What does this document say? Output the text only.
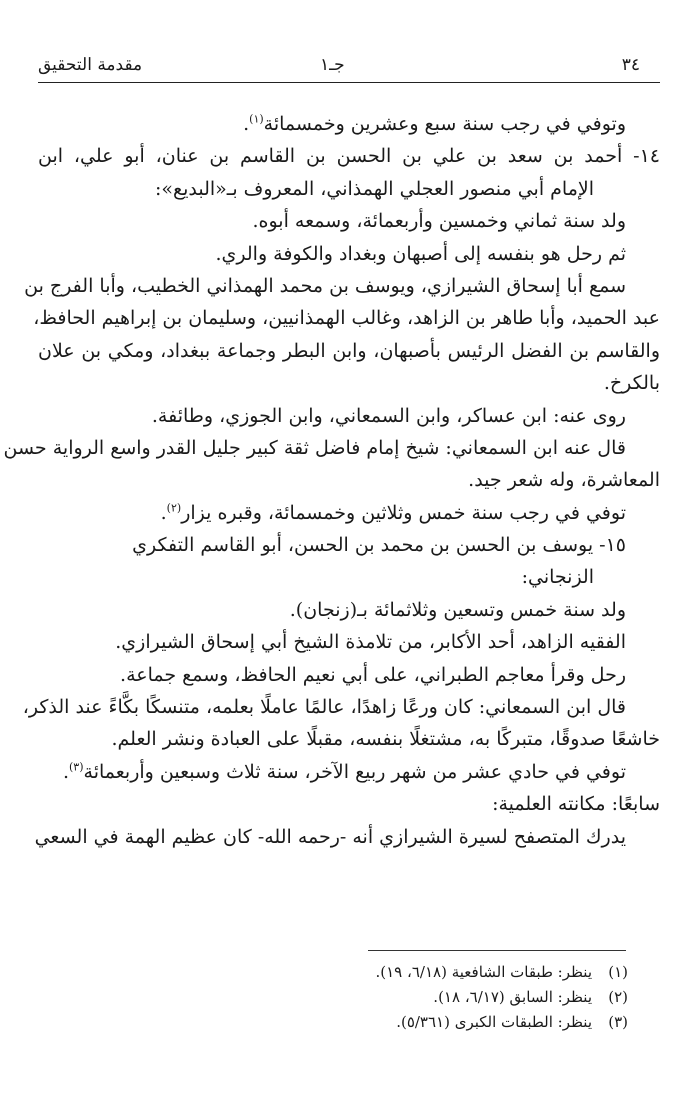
٣٤
جـ١
مقدمة التحقيق
وتوفي في رجب سنة سبع وعشرين وخمسمائة$^{(١)}$.
١٤- أحمد بن سعد بن علي بن الحسن بن القاسم بن عنان، أبو علي، ابن
الإمام أبي منصور العجلي الهمذاني، المعروف بـ«البديع»:
ولد سنة ثماني وخمسين وأربعمائة، وسمعه أبوه.
ثم رحل هو بنفسه إلى أصبهان وبغداد والكوفة والري.
سمع أبا إسحاق الشيرازي، ويوسف بن محمد الهمذاني الخطيب، وأبا الفرج بن
عبد الحميد، وأبا طاهر بن الزاهد، وغالب الهمذانيين، وسليمان بن إبراهيم الحافظ،
والقاسم بن الفضل الرئيس بأصبهان، وابن البطر وجماعة ببغداد، ومكي بن علان
بالكرخ.
روى عنه: ابن عساكر، وابن السمعاني، وابن الجوزي، وطائفة.
قال عنه ابن السمعاني: شيخ إمام فاضل ثقة كبير جليل القدر واسع الرواية حسن
المعاشرة، وله شعر جيد.
توفي في رجب سنة خمس وثلاثين وخمسمائة، وقبره يزار$^{(٢)}$.
١٥- يوسف بن الحسن بن محمد بن الحسن، أبو القاسم التفكري
الزنجاني:
ولد سنة خمس وتسعين وثلاثمائة بـ(زنجان).
الفقيه الزاهد، أحد الأكابر، من تلامذة الشيخ أبي إسحاق الشيرازي.
رحل وقرأ معاجم الطبراني، على أبي نعيم الحافظ، وسمع جماعة.
قال ابن السمعاني: كان ورعًا زاهدًا، عالمًا عاملًا بعلمه، متنسكًا بكَّاءً عند الذكر،
خاشعًا صدوقًا، متبركًا به، مشتغلًا بنفسه، مقبلًا على العبادة ونشر العلم.
توفي في حادي عشر من شهر ربيع الآخر، سنة ثلاث وسبعين وأربعمائة$^{(٣)}$.
سابعًا: مكانته العلمية:
يدرك المتصفح لسيرة الشيرازي أنه -رحمه الله- كان عظيم الهمة في السعي
(١)ينظر: طبقات الشافعية (٦/١٨، ١٩).
(٢)ينظر: السابق (٦/١٧، ١٨).
(٣)ينظر: الطبقات الكبرى (٥/٣٦١).
